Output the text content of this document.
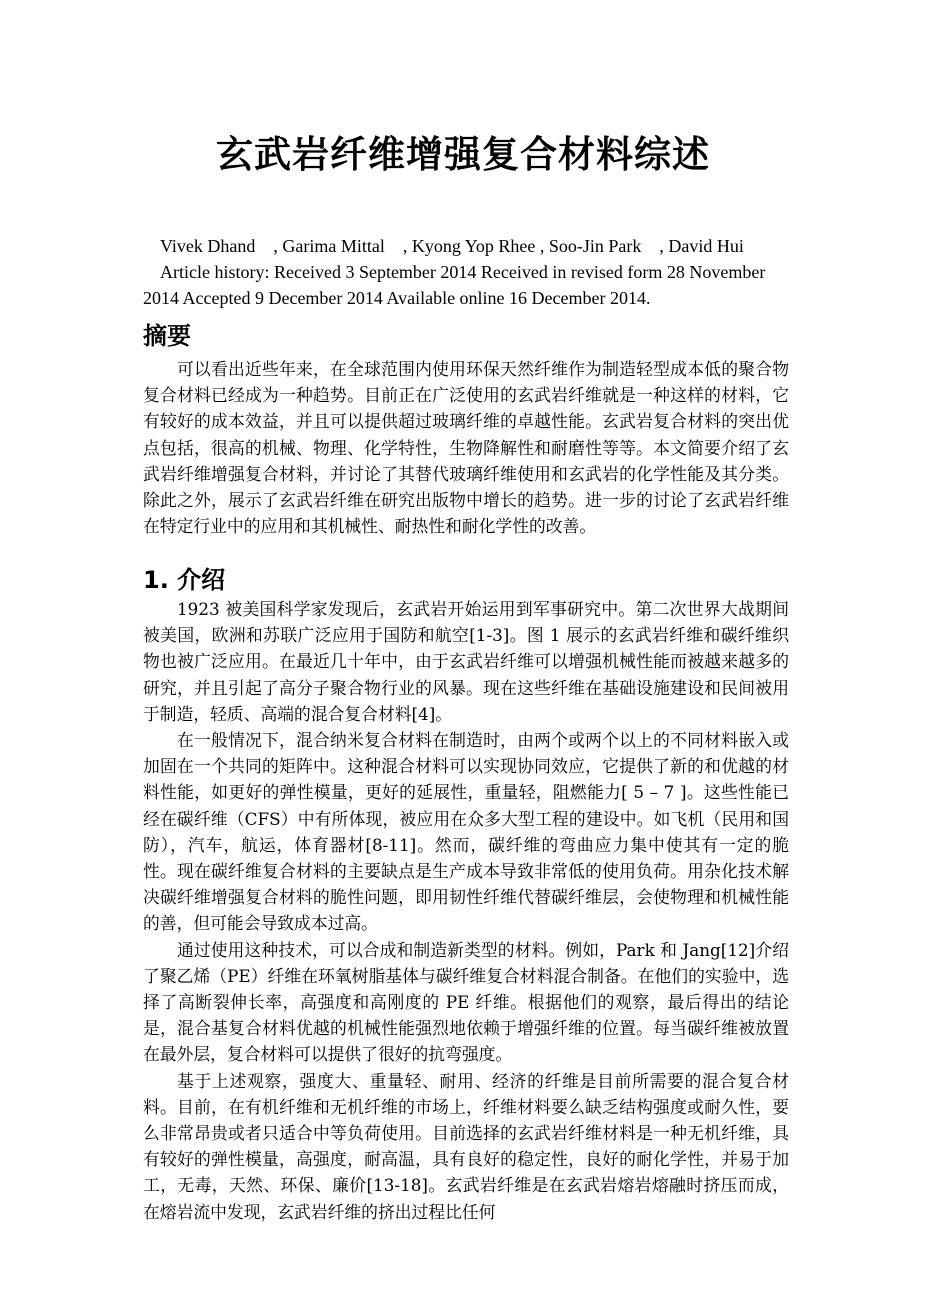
玄武岩纤维增强复合材料综述
Vivek Dhand    , Garima Mittal    , Kyong Yop Rhee , Soo-Jin Park    , David Hui

Article history: Received 3 September 2014 Received in revised form 28 November 2014 Accepted 9 December 2014 Available online 16 December 2014.

摘要

可以看出近些年来，在全球范围内使用环保天然纤维作为制造轻型成本低的聚合物复合材料已经成为一种趋势。目前正在广泛使用的玄武岩纤维就是一种这样的材料，它有较好的成本效益，并且可以提供超过玻璃纤维的卓越性能。玄武岩复合材料的突出优点包括，很高的机械、物理、化学特性，生物降解性和耐磨性等等。本文简要介绍了玄武岩纤维增强复合材料，并讨论了其替代玻璃纤维使用和玄武岩的化学性能及其分类。除此之外，展示了玄武岩纤维在研究出版物中增长的趋势。进一步的讨论了玄武岩纤维在特定行业中的应用和其机械性、耐热性和耐化学性的改善。

1. 介绍

1923 被美国科学家发现后，玄武岩开始运用到军事研究中。第二次世界大战期间被美国，欧洲和苏联广泛应用于国防和航空[1-3]。图 1 展示的玄武岩纤维和碳纤维织物也被广泛应用。在最近几十年中，由于玄武岩纤维可以增强机械性能而被越来越多的研究，并且引起了高分子聚合物行业的风暴。现在这些纤维在基础设施建设和民间被用于制造，轻质、高端的混合复合材料[4]。

在一般情况下，混合纳米复合材料在制造时，由两个或两个以上的不同材料嵌入或加固在一个共同的矩阵中。这种混合材料可以实现协同效应，它提供了新的和优越的材料性能，如更好的弹性模量，更好的延展性，重量轻，阻燃能力[ 5 – 7 ]。这些性能已经在碳纤维（CFS）中有所体现，被应用在众多大型工程的建设中。如飞机（民用和国防），汽车，航运，体育器材[8-11]。然而，碳纤维的弯曲应力集中使其有一定的脆性。现在碳纤维复合材料的主要缺点是生产成本导致非常低的使用负荷。用杂化技术解决碳纤维增强复合材料的脆性问题，即用韧性纤维代替碳纤维层，会使物理和机械性能的善，但可能会导致成本过高。

通过使用这种技术，可以合成和制造新类型的材料。例如，Park 和 Jang[12]介绍了聚乙烯（PE）纤维在环氧树脂基体与碳纤维复合材料混合制备。在他们的实验中，选择了高断裂伸长率，高强度和高刚度的 PE 纤维。根据他们的观察，最后得出的结论是，混合基复合材料优越的机械性能强烈地依赖于增强纤维的位置。每当碳纤维被放置在最外层，复合材料可以提供了很好的抗弯强度。

基于上述观察，强度大、重量轻、耐用、经济的纤维是目前所需要的混合复合材料。目前，在有机纤维和无机纤维的市场上，纤维材料要么缺乏结构强度或耐久性，要么非常昂贵或者只适合中等负荷使用。目前选择的玄武岩纤维材料是一种无机纤维，具有较好的弹性模量，高强度，耐高温，具有良好的稳定性，良好的耐化学性，并易于加工，无毒，天然、环保、廉价[13-18]。玄武岩纤维是在玄武岩熔岩熔融时挤压而成，在熔岩流中发现，玄武岩纤维的挤出过程比任何
